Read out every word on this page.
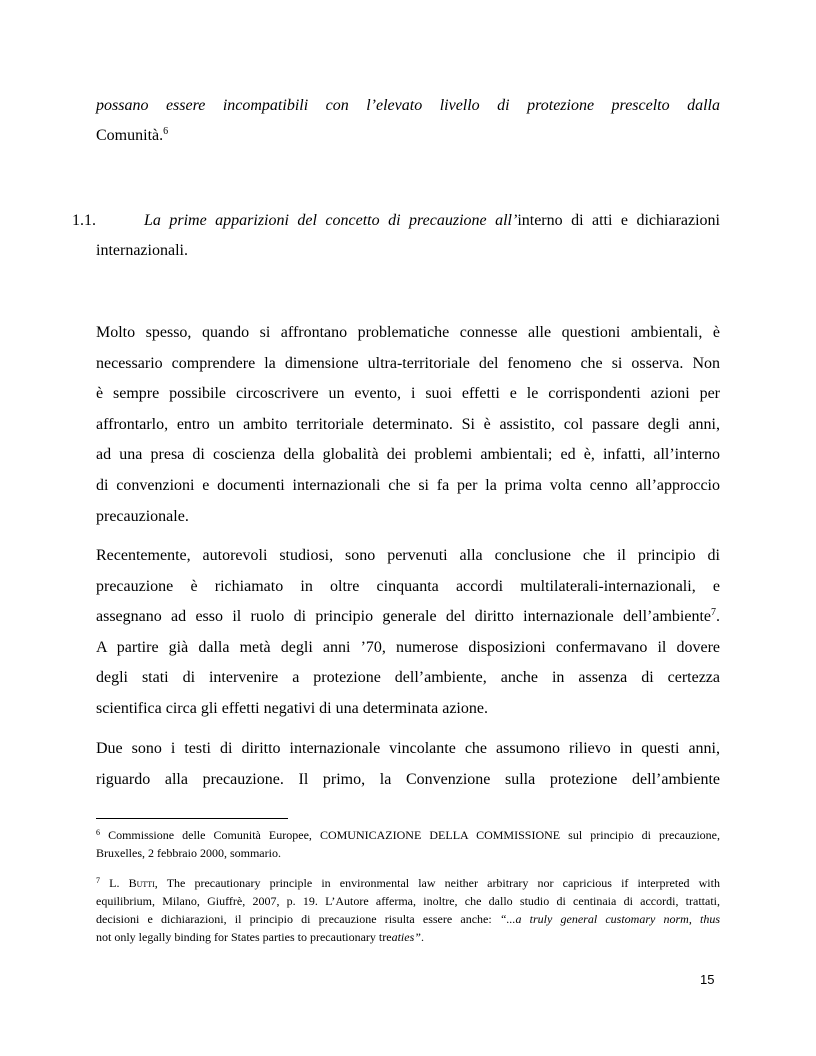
possano essere incompatibili con l’elevato livello di protezione prescelto dalla
Comunità.$^6$
1.1.	La prime apparizioni del concetto di precauzione all’interno di atti e dichiarazioni
internazionali.
Molto spesso, quando si affrontano problematiche connesse alle questioni ambientali, è
necessario comprendere la dimensione ultra-territoriale del fenomeno che si osserva. Non
è sempre possibile circoscrivere un evento, i suoi effetti e le corrispondenti azioni per
affrontarlo, entro un ambito territoriale determinato. Si è assistito, col passare degli anni,
ad una presa di coscienza della globalità dei problemi ambientali; ed è, infatti, all’interno
di convenzioni e documenti internazionali che si fa per la prima volta cenno all’approccio
precauzionale.
Recentemente, autorevoli studiosi, sono pervenuti alla conclusione che il principio di
precauzione è richiamato in oltre cinquanta accordi multilaterali-internazionali, e
assegnano ad esso il ruolo di principio generale del diritto internazionale dell’ambiente$^7$.
A partire già dalla metà degli anni ’70, numerose disposizioni confermavano il dovere
degli stati di intervenire a protezione dell’ambiente, anche in assenza di certezza
scientifica circa gli effetti negativi di una determinata azione.
Due sono i testi di diritto internazionale vincolante che assumono rilievo in questi anni,
riguardo alla precauzione. Il primo, la Convenzione sulla protezione dell’ambiente
$^6$ Commissione delle Comunità Europee, COMUNICAZIONE DELLA COMMISSIONE sul principio di precauzione,
Bruxelles, 2 febbraio 2000, sommario.
$^7$ L. Butti, The precautionary principle in environmental law neither arbitrary nor capricious if interpreted with
equilibrium, Milano, Giuffrè, 2007, p. 19. L’Autore afferma, inoltre, che dallo studio di centinaia di accordi, trattati,
decisioni e dichiarazioni, il principio di precauzione risulta essere anche: “...a truly general customary norm, thus
not only legally binding for States parties to precautionary treaties”.
15
